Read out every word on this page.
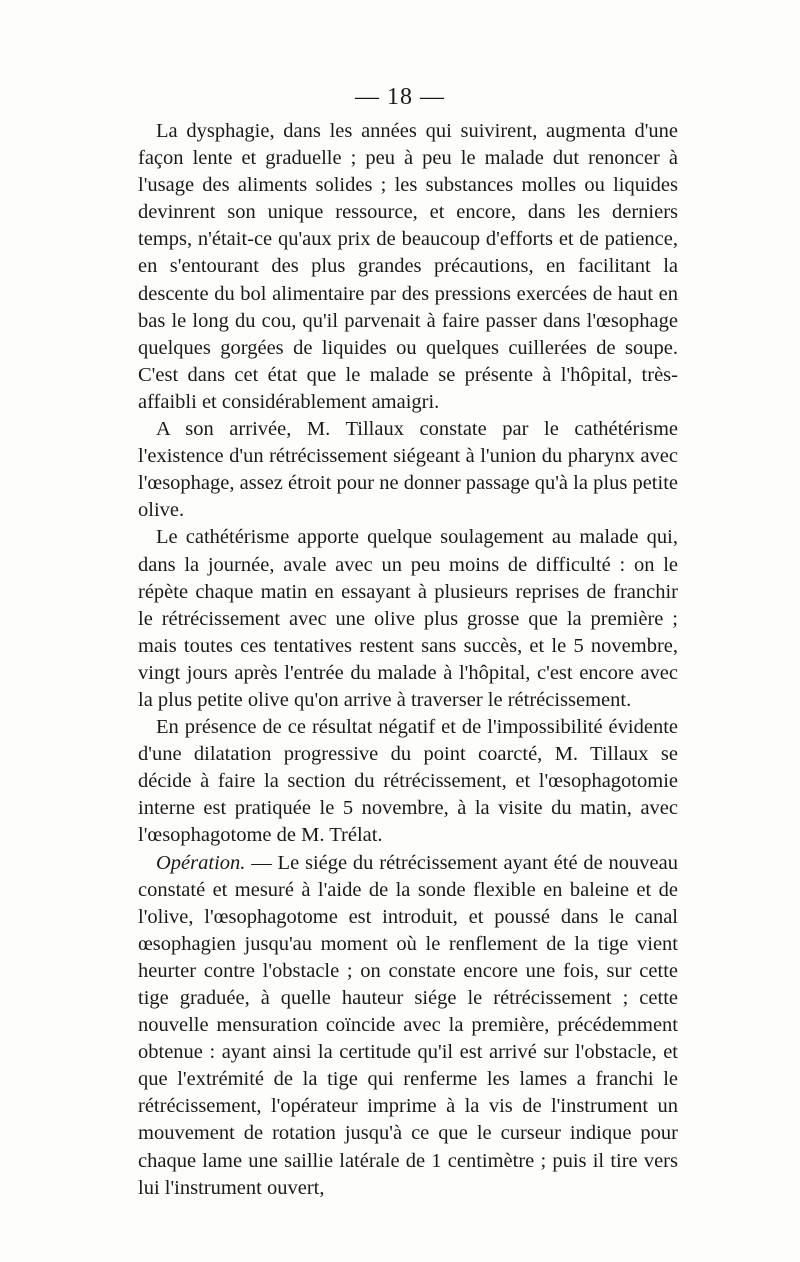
— 18 —

La dysphagie, dans les années qui suivirent, augmenta d'une façon lente et graduelle ; peu à peu le malade dut renoncer à l'usage des aliments solides ; les substances molles ou liquides devinrent son unique ressource, et encore, dans les derniers temps, n'était-ce qu'aux prix de beaucoup d'efforts et de patience, en s'entourant des plus grandes précautions, en facilitant la descente du bol alimentaire par des pressions exercées de haut en bas le long du cou, qu'il parvenait à faire passer dans l'œsophage quelques gorgées de liquides ou quelques cuillerées de soupe. C'est dans cet état que le malade se présente à l'hôpital, très-affaibli et considérablement amaigri.

A son arrivée, M. Tillaux constate par le cathétérisme l'existence d'un rétrécissement siégeant à l'union du pharynx avec l'œsophage, assez étroit pour ne donner passage qu'à la plus petite olive.

Le cathétérisme apporte quelque soulagement au malade qui, dans la journée, avale avec un peu moins de difficulté : on le répète chaque matin en essayant à plusieurs reprises de franchir le rétrécissement avec une olive plus grosse que la première ; mais toutes ces tentatives restent sans succès, et le 5 novembre, vingt jours après l'entrée du malade à l'hôpital, c'est encore avec la plus petite olive qu'on arrive à traverser le rétrécissement.

En présence de ce résultat négatif et de l'impossibilité évidente d'une dilatation progressive du point coarcté, M. Tillaux se décide à faire la section du rétrécissement, et l'œsophagotomie interne est pratiquée le 5 novembre, à la visite du matin, avec l'œsophagotome de M. Trélat.

Opération. — Le siége du rétrécissement ayant été de nouveau constaté et mesuré à l'aide de la sonde flexible en baleine et de l'olive, l'œsophagotome est introduit, et poussé dans le canal œsophagien jusqu'au moment où le renflement de la tige vient heurter contre l'obstacle ; on constate encore une fois, sur cette tige graduée, à quelle hauteur siége le rétrécissement ; cette nouvelle mensuration coïncide avec la première, précédemment obtenue : ayant ainsi la certitude qu'il est arrivé sur l'obstacle, et que l'extrémité de la tige qui renferme les lames a franchi le rétrécissement, l'opérateur imprime à la vis de l'instrument un mouvement de rotation jusqu'à ce que le curseur indique pour chaque lame une saillie latérale de 1 centimètre ; puis il tire vers lui l'instrument ouvert,
